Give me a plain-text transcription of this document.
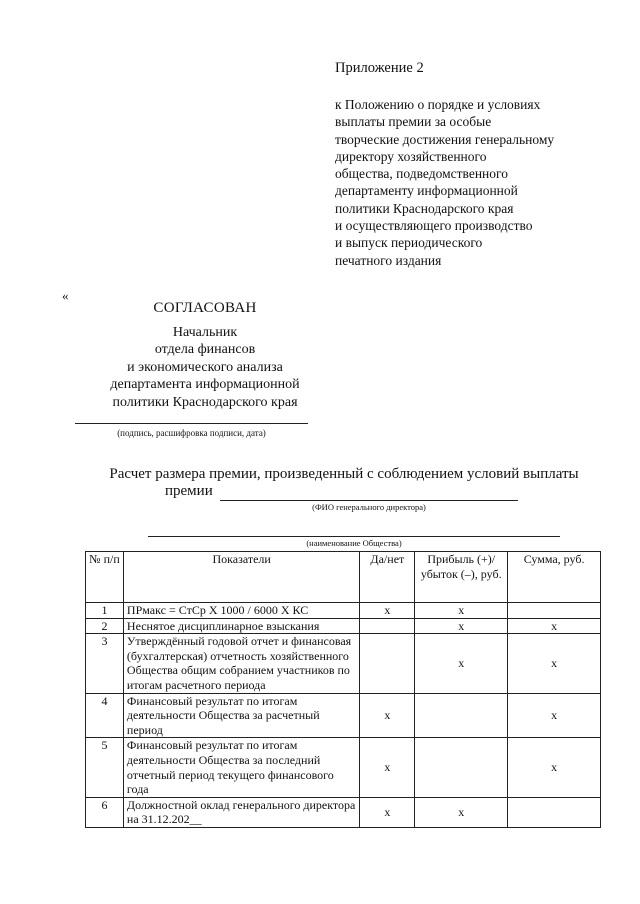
Приложение 2
к Положению о порядке и условиях
выплаты премии за особые
творческие достижения генеральному
директору хозяйственного
общества, подведомственного
департаменту информационной
политики Краснодарского края
и осуществляющего производство
и выпуск периодического
печатного издания
«
СОГЛАСОВАН
Начальник
отдела финансов
и экономического анализа
департамента информационной
политики Краснодарского края
(подпись, расшифровка подписи, дата)
Расчет размера премии, произведенный с соблюдением условий выплаты
премии
(ФИО генерального директора)
(наименование Общества)
№ п/п	Показатели	Да/нет	Прибыль (+)/ убыток (–), руб.	Сумма, руб.
1	ПРмакс = СтСр X 1000 / 6000 X КС	x	x	
2	Неснятое дисциплинарное взыскания		x	x
3	Утверждённый годовой отчет и финансовая (бухгалтерская) отчетность хозяйственного Общества общим собранием участников по итогам расчетного периода		x	x
4	Финансовый результат по итогам деятельности Общества за расчетный период	x		x
5	Финансовый результат по итогам деятельности Общества за последний отчетный период текущего финансового года	x		x
6	Должностной оклад генерального директора на 31.12.202__	x	x	
